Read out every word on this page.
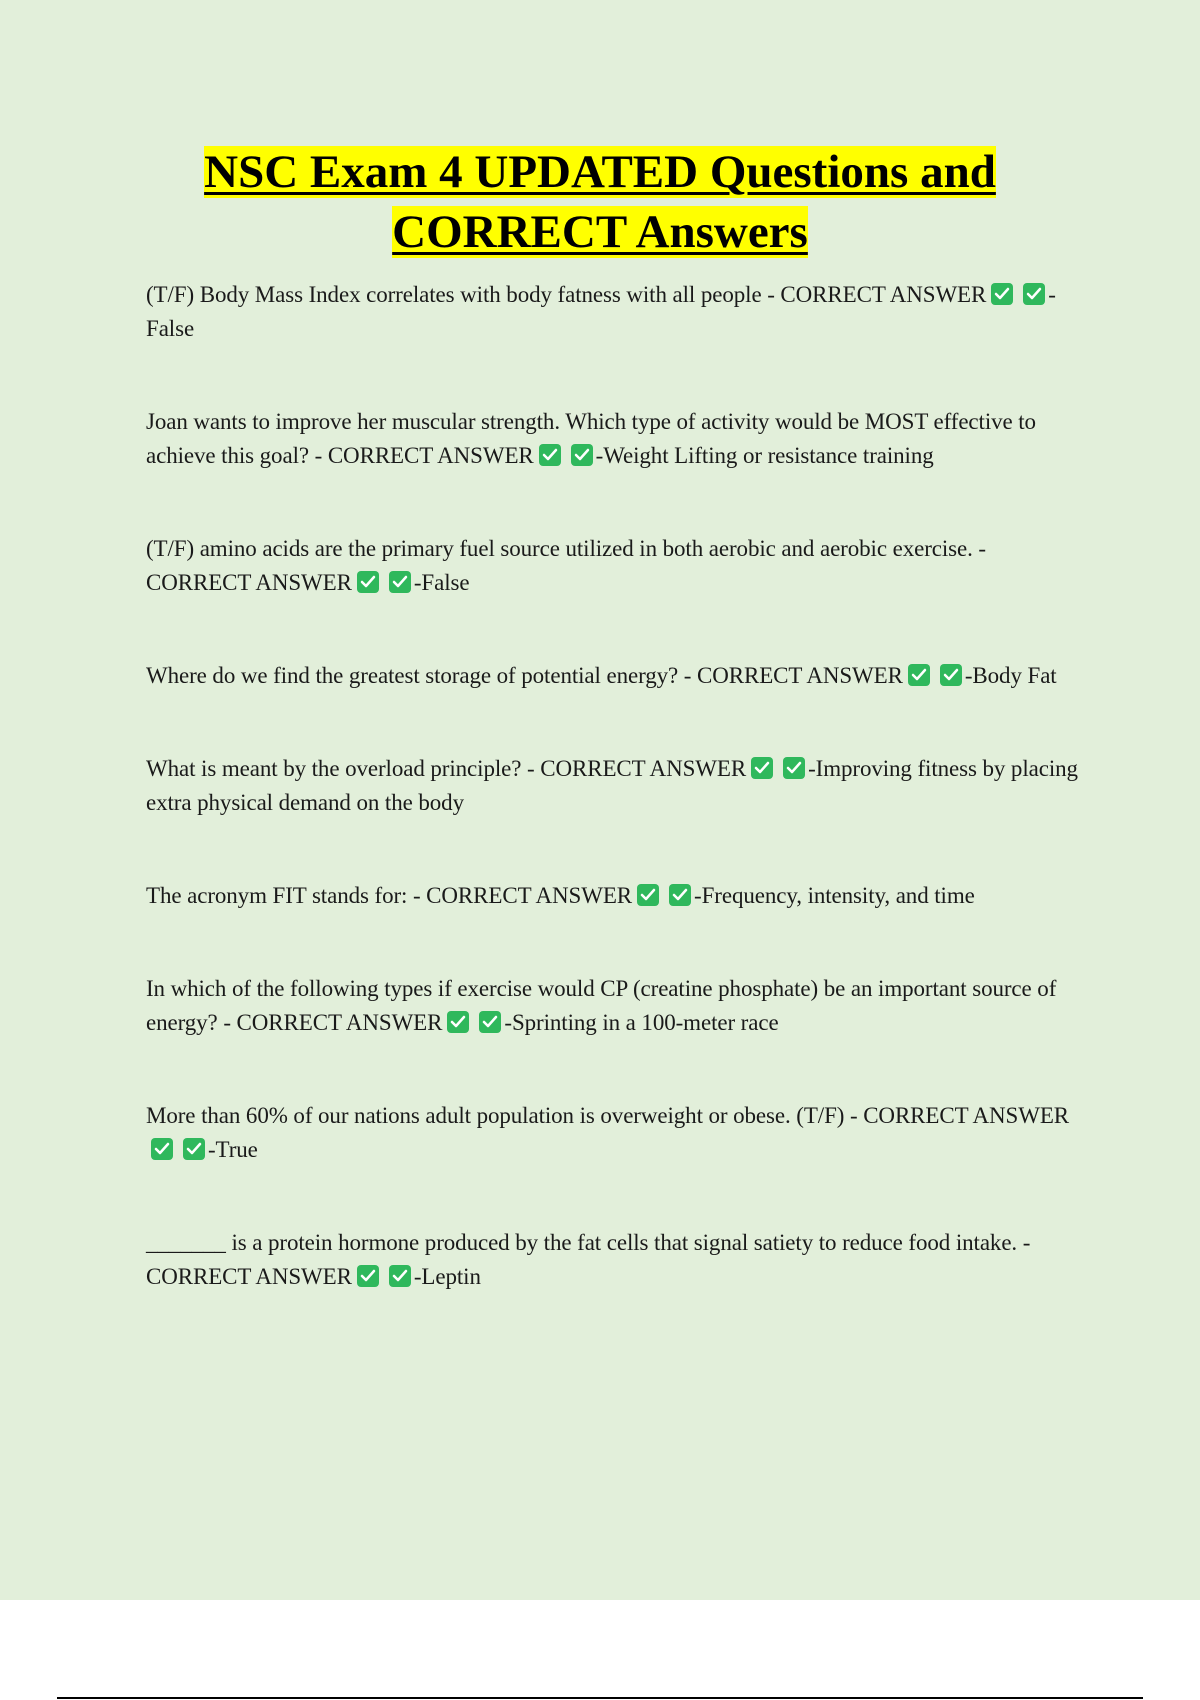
NSC Exam 4 UPDATED Questions and
CORRECT Answers

(T/F) Body Mass Index correlates with body fatness with all people - CORRECT ANSWER	-False

Joan wants to improve her muscular strength. Which type of activity would be MOST effective to achieve this goal? - CORRECT ANSWER	-Weight Lifting or resistance training

(T/F) amino acids are the primary fuel source utilized in both aerobic and aerobic exercise. - CORRECT ANSWER	-False

Where do we find the greatest storage of potential energy? - CORRECT ANSWER	-Body Fat

What is meant by the overload principle? - CORRECT ANSWER	-Improving fitness by placing extra physical demand on the body

The acronym FIT stands for: - CORRECT ANSWER	-Frequency, intensity, and time

In which of the following types if exercise would CP (creatine phosphate) be an important source of energy? - CORRECT ANSWER	-Sprinting in a 100-meter race

More than 60% of our nations adult population is overweight or obese. (T/F) - CORRECT ANSWER
-True

_______ is a protein hormone produced by the fat cells that signal satiety to reduce food intake. - CORRECT ANSWER	-Leptin
